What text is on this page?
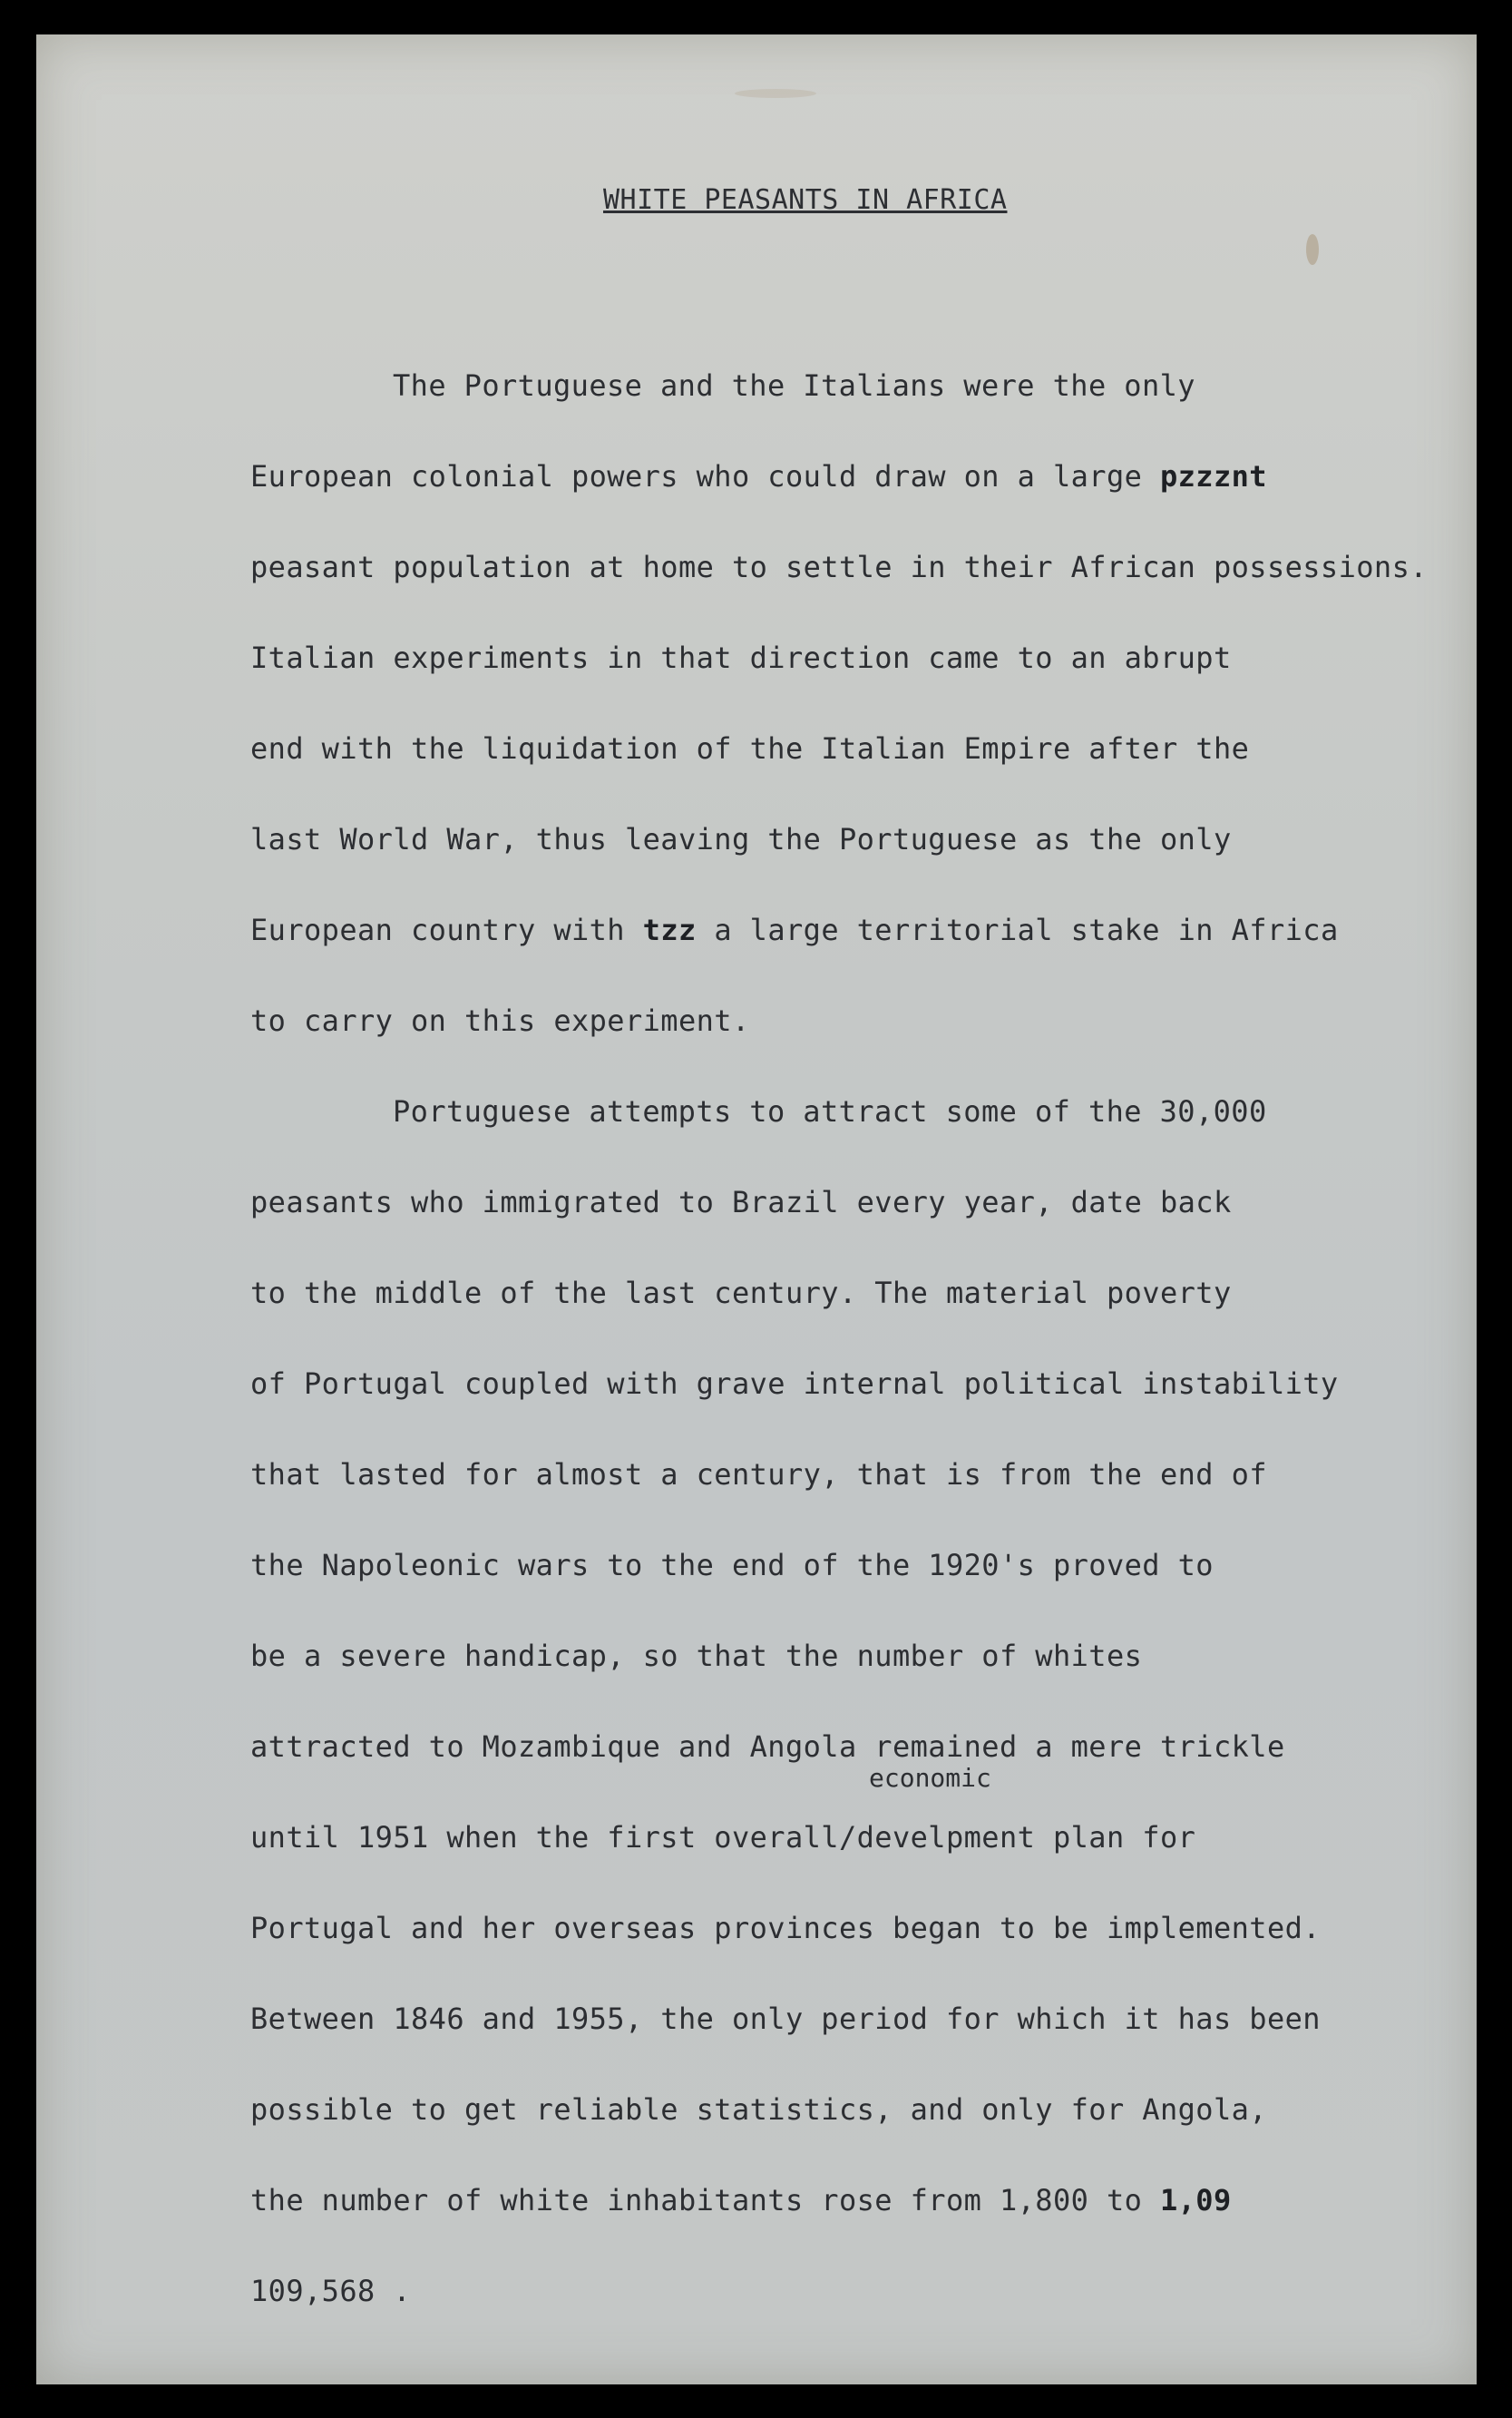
WHITE PEASANTS IN AFRICA
The Portuguese and the Italians were the only
European colonial powers who could draw on a large pzzznt
peasant population at home to settle in their African possessions.
Italian experiments in that direction came to an abrupt
end with the liquidation of the Italian Empire after the
last World War, thus leaving the Portuguese as the only
European country with tzz a large territorial stake in Africa
to carry on this experiment.
Portuguese attempts to attract some of the 30,000
peasants who immigrated to Brazil every year, date back
to the middle of the last century. The material poverty
of Portugal coupled with grave internal political instability
that lasted for almost a century, that is from the end of
the Napoleonic wars to the end of the 1920's proved to
be a severe handicap, so that the number of whites
attracted to Mozambique and Angola remained a mere trickle
economic
until 1951 when the first overall/develpment plan for
Portugal and her overseas provinces began to be implemented.
Between 1846 and 1955, the only period for which it has been
possible to get reliable statistics, and only for Angola,
the number of white inhabitants rose from 1,800 to 1,09
109,568 .
